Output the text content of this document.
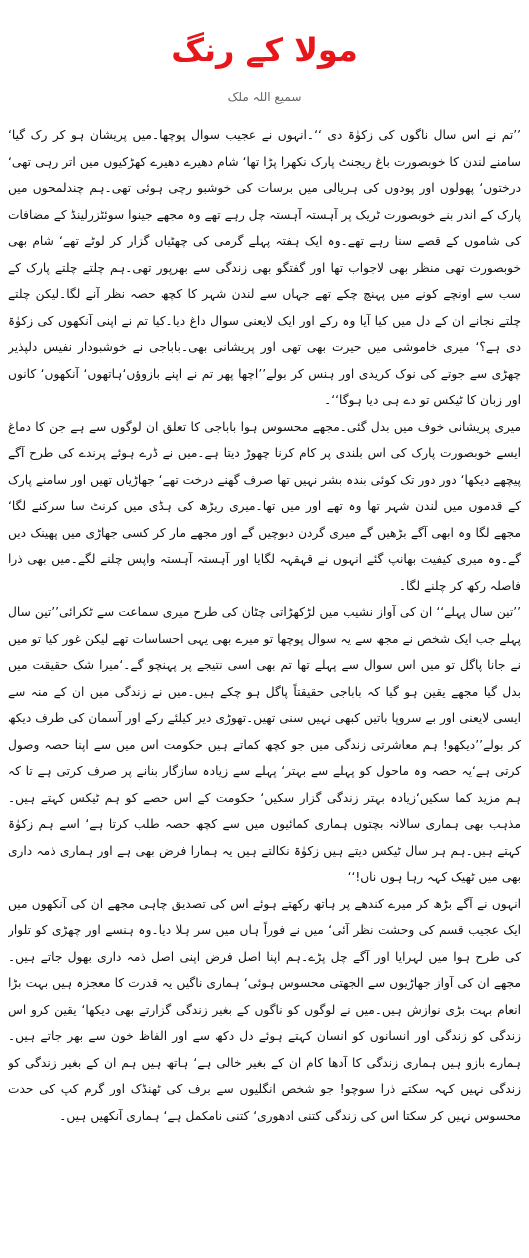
مولا کے رنگ
سمیع اللہ ملک

’’تم نے اس سال ناگوں کی زکوٰۃ دی ‘‘۔انہوں نے عجیب سوال پوچھا۔میں پریشان ہو کر رک گیا‘ سامنے لندن کا خوبصورت باغ ریجنٹ پارک نکھرا پڑا تھا‘ شام دھیرے دھیرے کھڑکیوں میں اتر رہی تھی‘ درختوں‘ پھولوں اور پودوں کی ہریالی میں برسات کی خوشبو رچی ہوئی تھی۔ہم چندلمحوں میں پارک کے اندر بنے خوبصورت ٹریک پر آہستہ آہستہ چل رہے تھے وہ مجھے جینوا سوئٹزرلینڈ کے مضافات کی شاموں کے قصے سنا رہے تھے۔وہ ایک ہفتہ پہلے گرمی کی چھٹیاں گزار کر لوٹے تھے‘ شام بھی خوبصورت تھی منظر بھی لاجواب تھا اور گفتگو بھی زندگی سے بھرپور تھی۔ہم چلتے چلتے پارک کے سب سے اونچے کونے میں پہنچ چکے تھے جہاں سے لندن شہر کا کچھ حصہ نظر آنے لگا۔لیکن چلتے چلتے نجانے ان کے دل میں کیا آیا وہ رکے اور ایک لایعنی سوال داغ دیا۔کیا تم نے اپنی آنکھوں کی زکوٰۃ دی ہے؟‘ میری خاموشی میں حیرت بھی تھی اور پریشانی بھی۔باباجی نے خوشبودار نفیس دلپذیر چھڑی سے جوتے کی نوک کریدی اور ہنس کر بولے’’اچھا پھر تم نے اپنے بازوؤں‘ہاتھوں‘ آنکھوں‘ کانوں اور زبان کا ٹیکس تو دے ہی دیا ہوگا‘‘۔

میری پریشانی خوف میں بدل گئی۔مجھے محسوس ہوا باباجی کا تعلق ان لوگوں سے ہے جن کا دماغ ایسے خوبصورت پارک کی اس بلندی پر کام کرنا چھوڑ دیتا ہے۔میں نے ڈرے ہوئے پرندے کی طرح آگے پیچھے دیکھا‘ دور دور تک کوئی بندہ بشر نہیں تھا صرف گھنے درخت تھے‘ جھاڑیاں تھیں اور سامنے پارک کے قدموں میں لندن شہر تھا وہ تھے اور میں تھا۔میری ریڑھ کی ہڈی میں کرنٹ سا سرکنے لگا‘ مجھے لگا وہ ابھی آگے بڑھیں گے میری گردن دبوچیں گے اور مجھے مار کر کسی جھاڑی میں پھینک دیں گے۔وہ میری کیفیت بھانپ گئے انہوں نے قہقہہ لگایا اور آہستہ آہستہ واپس چلنے لگے۔میں بھی ذرا فاصلہ رکھ کر چلنے لگا۔

’’تین سال پہلے‘‘ ان کی آواز نشیب میں لڑکھڑاتی چٹان کی طرح میری سماعت سے ٹکرائی’’تین سال پہلے جب ایک شخص نے مجھ سے یہ سوال پوچھا تو میرے بھی یہی احساسات تھے لیکن غور کیا تو میں نے جانا پاگل تو میں اس سوال سے پہلے تھا تم بھی اسی نتیجے پر پہنچو گے۔‘میرا شک حقیقت میں بدل گیا مجھے یقین ہو گیا کہ باباجی حقیقتاً پاگل ہو چکے ہیں۔میں نے زندگی میں ان کے منہ سے ایسی لایعنی اور بے سروپا باتیں کبھی نہیں سنی تھیں۔تھوڑی دیر کیلئے رکے اور آسمان کی طرف دیکھ کر بولے’’دیکھو! ہم معاشرتی زندگی میں جو کچھ کماتے ہیں حکومت اس میں سے اپنا حصہ وصول کرتی ہے‘یہ حصہ وہ ماحول کو پہلے سے بہتر‘ پہلے سے زیادہ سازگار بنانے پر صرف کرتی ہے تا کہ ہم مزید کما سکیں‘زیادہ بہتر زندگی گزار سکیں‘ حکومت کے اس حصے کو ہم ٹیکس کہتے ہیں۔مذہب بھی ہماری سالانہ بچتوں ہماری کمائیوں میں سے کچھ حصہ طلب کرتا ہے‘ اسے ہم زکوٰۃ کہتے ہیں۔ہم ہر سال ٹیکس دیتے ہیں زکوٰۃ نکالتے ہیں یہ ہمارا فرض بھی ہے اور ہماری ذمہ داری بھی میں ٹھیک کہہ رہا ہوں ناں!‘‘

انہوں نے آگے بڑھ کر میرے کندھے پر ہاتھ رکھتے ہوئے اس کی تصدیق چاہی مجھے ان کی آنکھوں میں ایک عجیب قسم کی وحشت نظر آئی‘ میں نے فوراً ہاں میں سر ہلا دیا۔وہ ہنسے اور چھڑی کو تلوار کی طرح ہوا میں لہرایا اور آگے چل پڑے۔ہم اپنا اصل فرض اپنی اصل ذمہ داری بھول جاتے ہیں۔مجھے ان کی آواز جھاڑیوں سے الجھتی محسوس ہوئی‘ ہماری ناگیں یہ قدرت کا معجزہ ہیں بہت بڑا انعام بہت بڑی نوازش ہیں۔میں نے لوگوں کو ناگوں کے بغیر زندگی گزارتے بھی دیکھا‘ یقین کرو اس زندگی کو زندگی اور انسانوں کو انسان کہتے ہوئے دل دکھ سے اور الفاظ خون سے بھر جاتے ہیں۔ہمارے بازو ہیں ہماری زندگی کا آدھا کام ان کے بغیر خالی ہے‘ ہاتھ ہیں ہم ان کے بغیر زندگی کو زندگی نہیں کہہ سکتے ذرا سوچو! جو شخص انگلیوں سے برف کی ٹھنڈک اور گرم کپ کی حدت محسوس نہیں کر سکتا اس کی زندگی کتنی ادھوری‘ کتنی نامکمل ہے‘ ہماری آنکھیں ہیں۔
